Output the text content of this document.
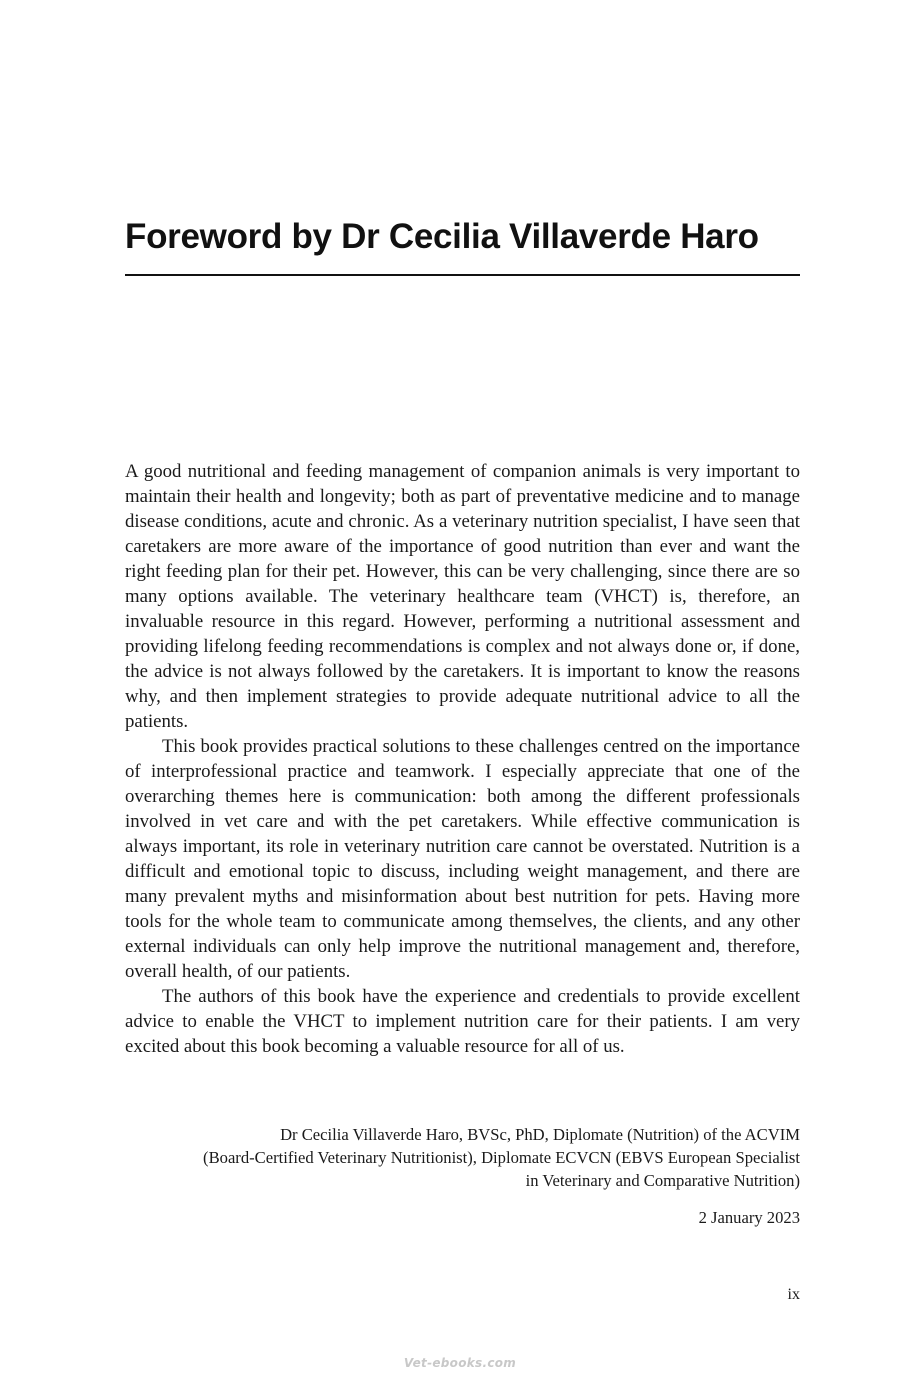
Foreword by Dr Cecilia Villaverde Haro

A good nutritional and feeding management of companion animals is very important to maintain their health and longevity; both as part of preventative medicine and to manage disease conditions, acute and chronic. As a veterinary nutrition specialist, I have seen that caretakers are more aware of the importance of good nutrition than ever and want the right feeding plan for their pet. However, this can be very challenging, since there are so many options available. The veterinary healthcare team (VHCT) is, therefore, an invaluable resource in this regard. However, performing a nutritional assessment and providing lifelong feeding recommendations is complex and not always done or, if done, the advice is not always followed by the caretakers. It is important to know the reasons why, and then implement strategies to provide adequate nutritional advice to all the patients.

This book provides practical solutions to these challenges centred on the importance of interprofessional practice and teamwork. I especially appreciate that one of the overarching themes here is communication: both among the different professionals involved in vet care and with the pet caretakers. While effective communication is always important, its role in veterinary nutrition care cannot be overstated. Nutrition is a difficult and emotional topic to discuss, including weight management, and there are many prevalent myths and misinformation about best nutrition for pets. Having more tools for the whole team to communicate among themselves, the clients, and any other external individuals can only help improve the nutritional management and, therefore, overall health, of our patients.

The authors of this book have the experience and credentials to provide excellent advice to enable the VHCT to implement nutrition care for their patients. I am very excited about this book becoming a valuable resource for all of us.

Dr Cecilia Villaverde Haro, BVSc, PhD, Diplomate (Nutrition) of the ACVIM
(Board-Certified Veterinary Nutritionist), Diplomate ECVCN (EBVS European Specialist
in Veterinary and Comparative Nutrition)
2 January 2023
ix
Vet-ebooks.com
